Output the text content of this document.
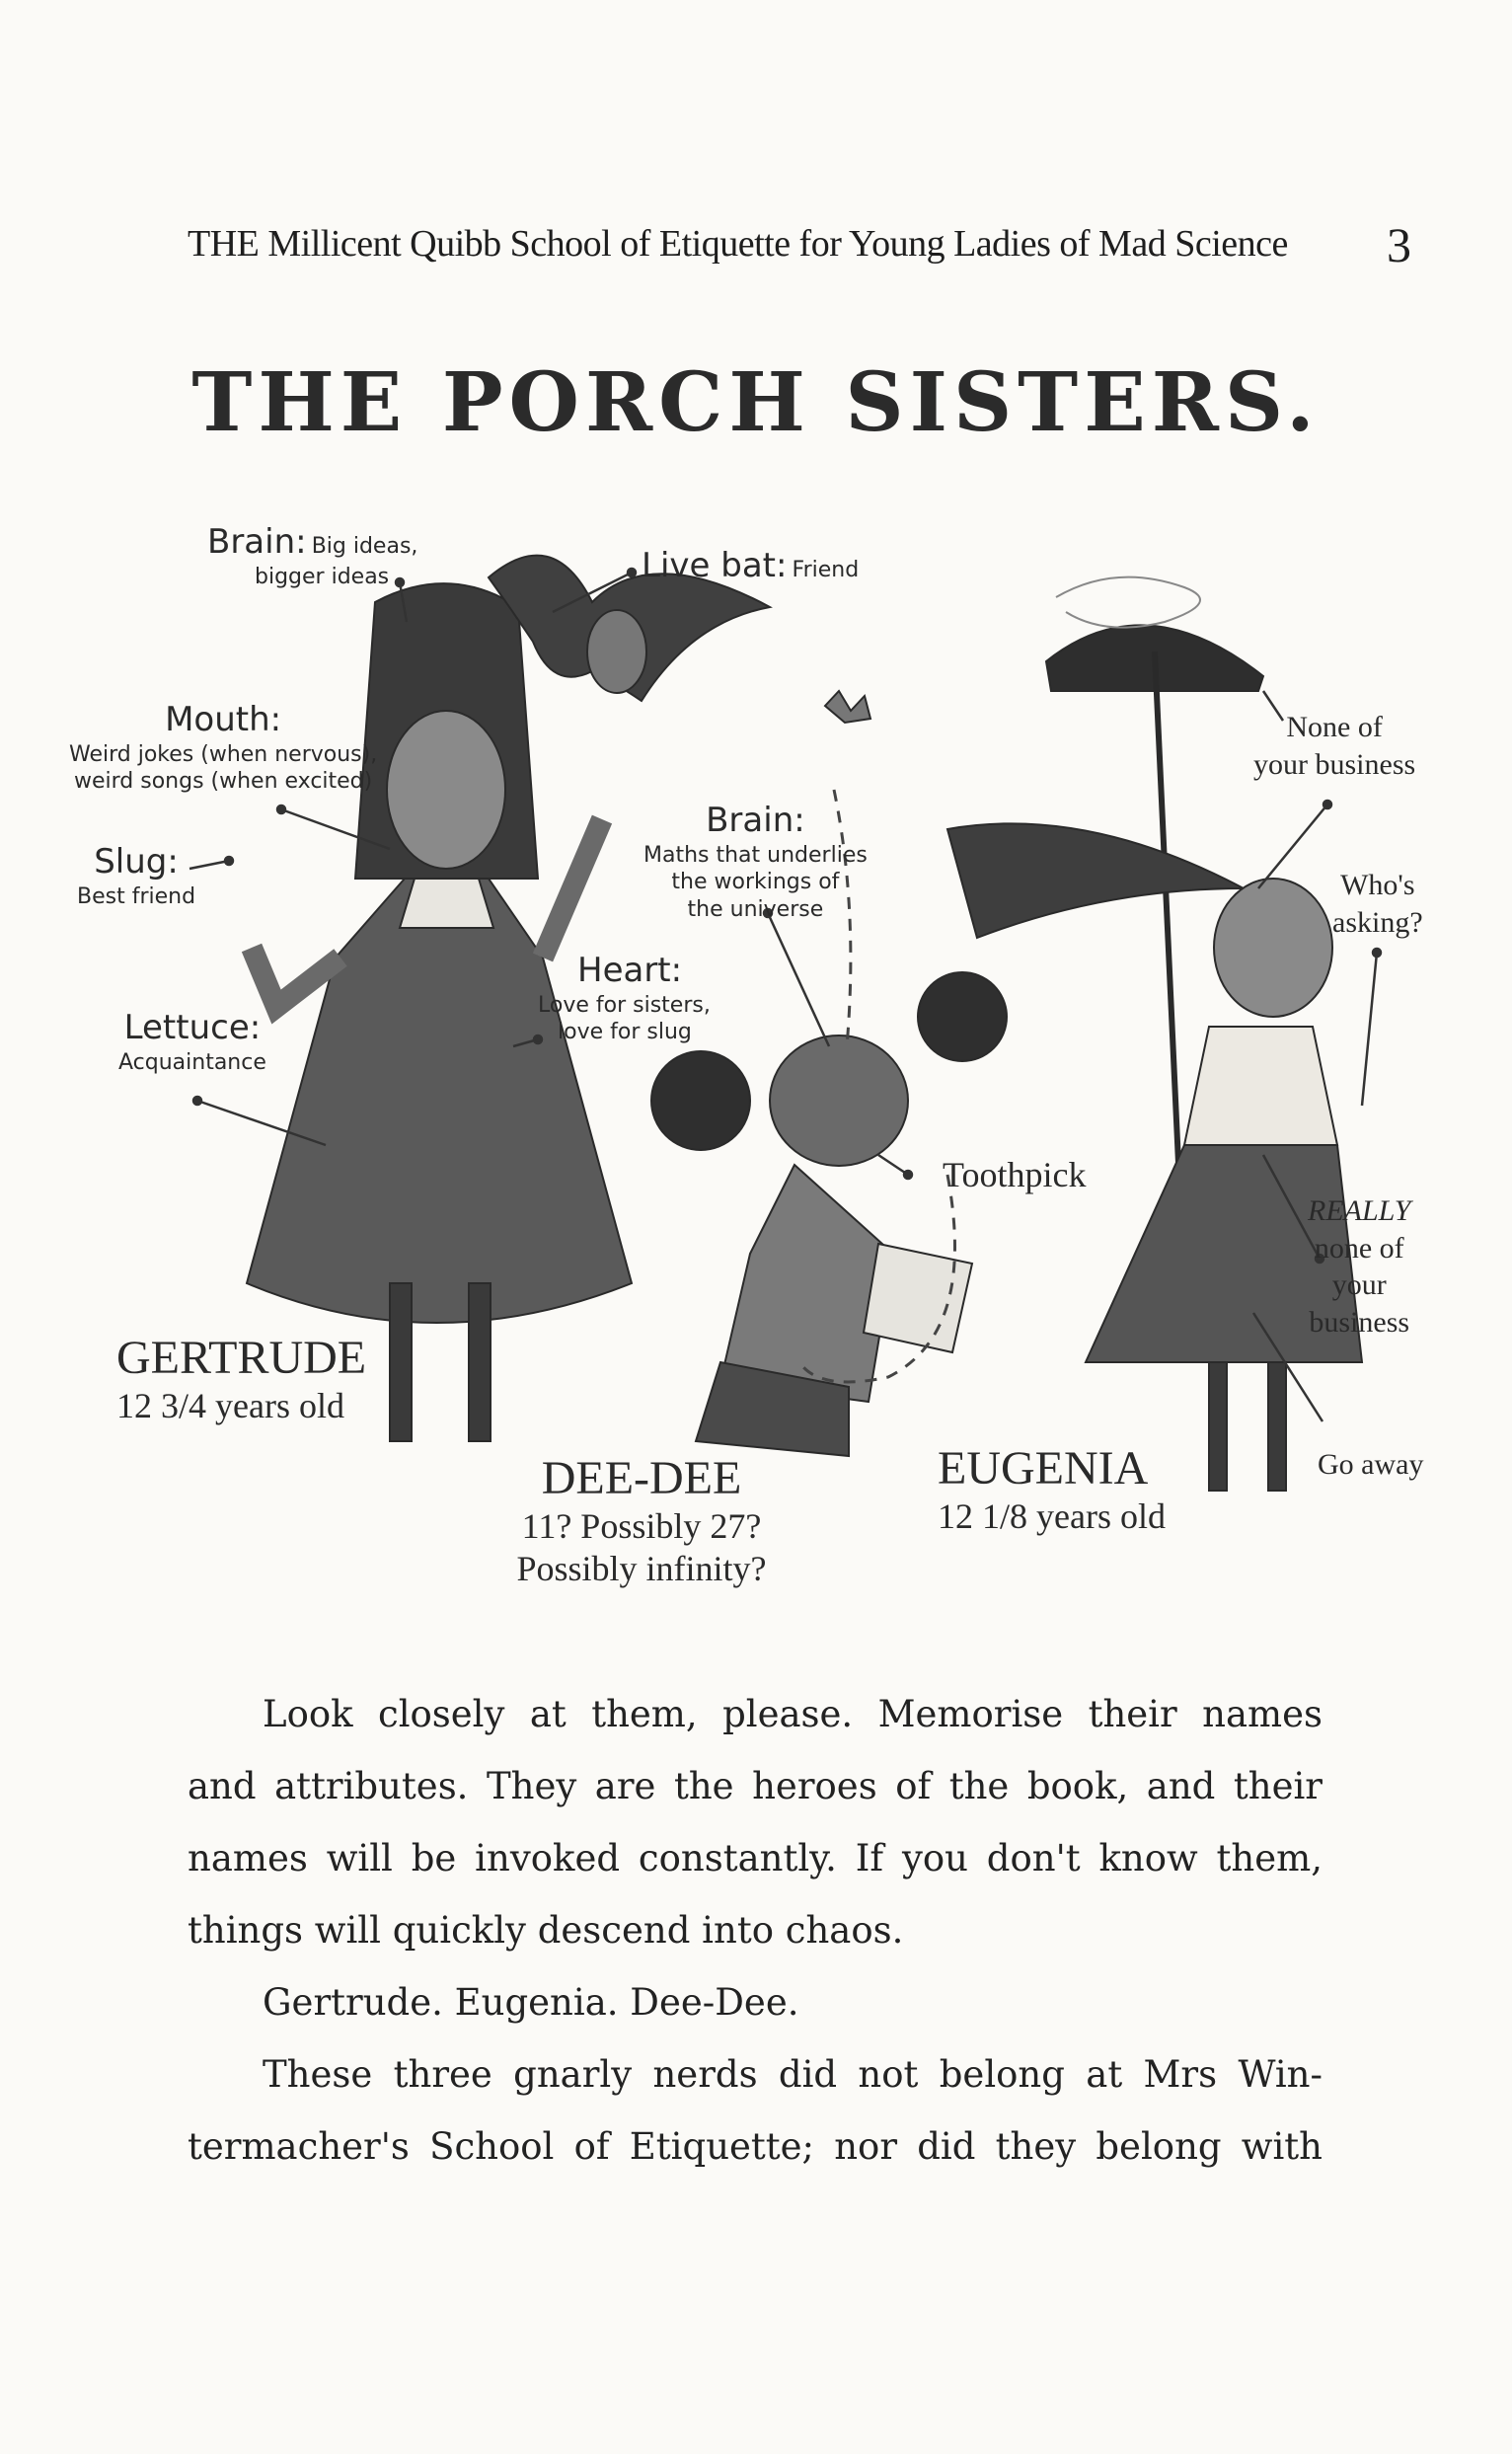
THE Millicent Quibb School of Etiquette for Young Ladies of Mad Science 3
THE PORCH SISTERS.
Brain: Big ideas,
bigger ideas	Live bat: Friend
Mouth:
Weird jokes (when nervous),
weird songs (when excited)
Slug:
Best friend
Lettuce:
Acquaintance
Brain:
Maths that underlies
the workings of
the universe
Heart:
Love for sisters,
love for slug
Toothpick
None of
your business
Who's
asking?
REALLY
none of
your
business
Go away
GERTRUDE
12 3/4 years old
DEE-DEE
11? Possibly 27?
Possibly infinity?
EUGENIA
12 1/8 years old

Look closely at them, please. Memorise their names

and attributes. They are the heroes of the book, and their

names will be invoked constantly. If you don't know them,

things will quickly descend into chaos.

Gertrude. Eugenia. Dee-Dee.

These three gnarly nerds did not belong at Mrs Win-

termacher's School of Etiquette; nor did they belong with
